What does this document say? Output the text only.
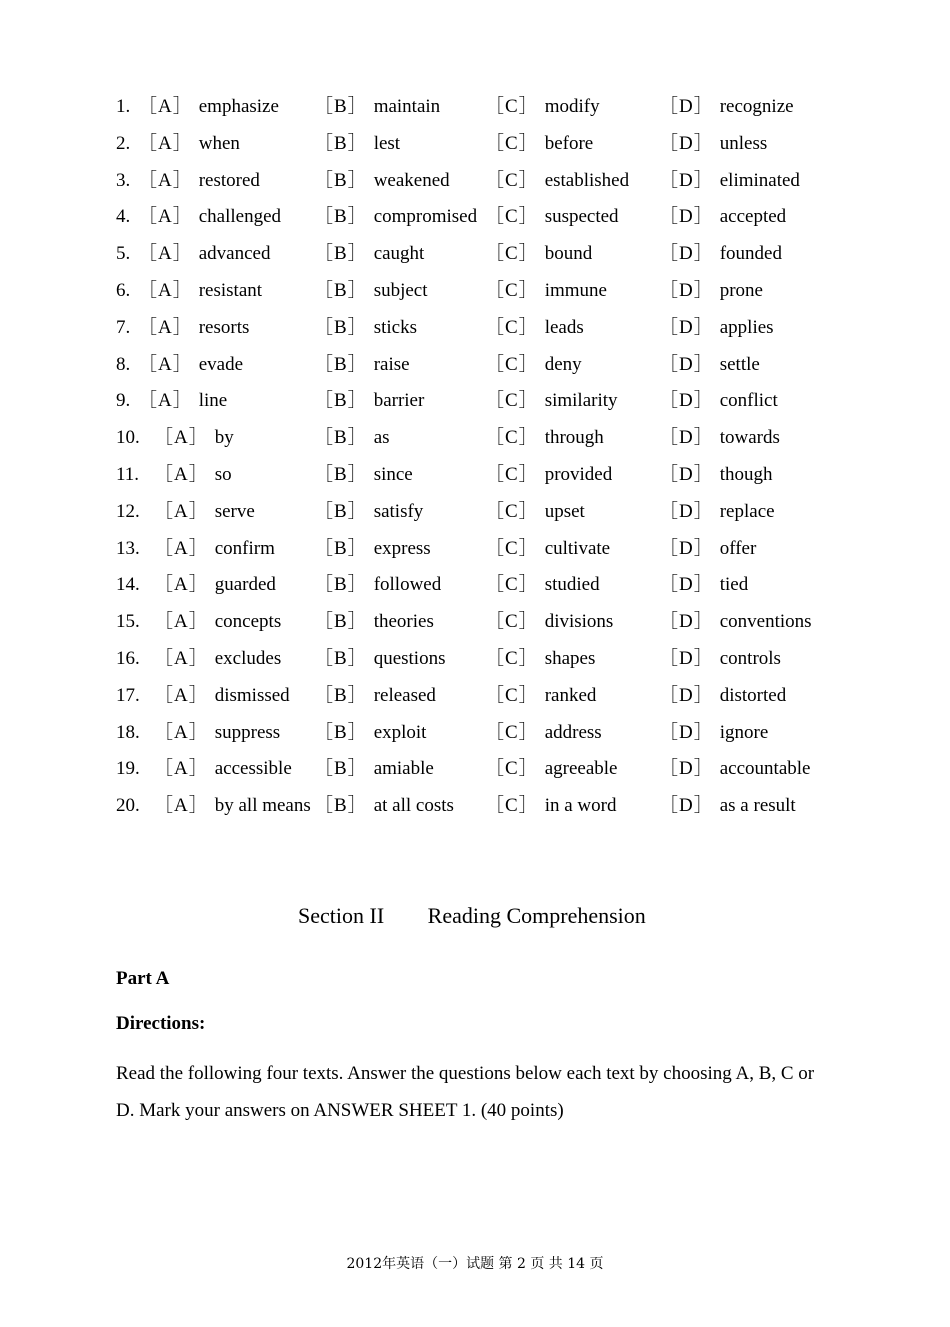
1. ［A］ emphasize ［B］ maintain ［C］ modify	［D］ recognize
2. ［A］ when	［B］ lest	［C］ before	［D］ unless
3. ［A］ restored	［B］ weakened ［C］ established ［D］ eliminated
4. ［A］ challenged ［B］ compromised ［C］ suspected ［D］ accepted
5. ［A］ advanced ［B］ caught	［C］ bound	［D］ founded
6. ［A］ resistant	［B］ subject	［C］ immune	［D］ prone
7. ［A］ resorts	［B］ sticks	［C］ leads	［D］ applies
8. ［A］ evade	［B］ raise	［C］ deny	［D］ settle
9. ［A］ line	［B］ barrier	［C］ similarity ［D］ conflict
10. ［A］ by	［B］ as	［C］ through	［D］ towards
11. ［A］ so	［B］ since	［C］ provided ［D］ though
12. ［A］ serve	［B］ satisfy	［C］ upset	［D］ replace
13. ［A］ confirm ［B］ express	［C］ cultivate	［D］ offer
14. ［A］ guarded ［B］ followed ［C］ studied	［D］ tied
15. ［A］ concepts ［B］ theories	［C］ divisions ［D］ conventions
16. ［A］ excludes ［B］ questions ［C］ shapes	［D］ controls
17. ［A］ dismissed ［B］ released	［C］ ranked	［D］ distorted
18. ［A］ suppress ［B］ exploit	［C］ address	［D］ ignore
19. ［A］ accessible ［B］ amiable	［C］ agreeable ［D］ accountable
20. ［A］ by all means ［B］ at all costs ［C］ in a word ［D］ as a result
Section II Reading Comprehension
Part A
Directions:
Read the following four texts. Answer the questions below each text by choosing A, B, C or D. Mark your answers on ANSWER SHEET 1. (40 points)
2012年英语（一）试题 第 2 页 共 14 页
